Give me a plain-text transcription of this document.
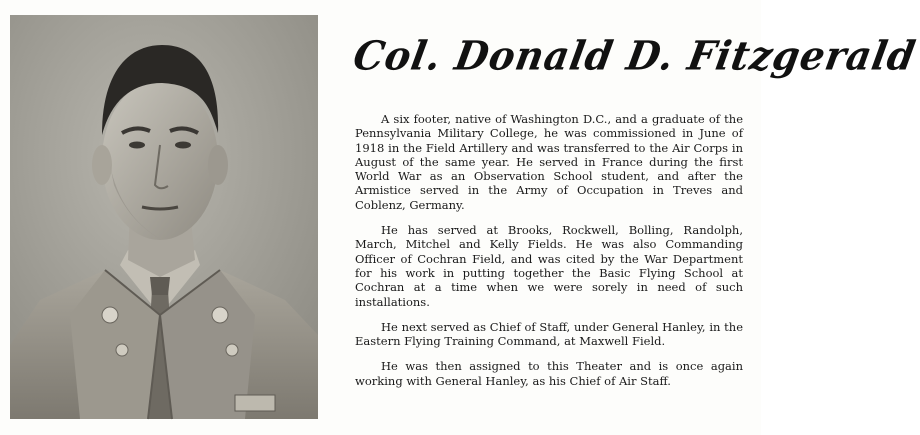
Col. Donald D. Fitzgerald

A six footer, native of Washington D.C., and a graduate of the Pennsylvania Military College, he was commissioned in June of 1918 in the Field Artillery and was transferred to the Air Corps in August of the same year. He served in France during the first World War as an Observation School student, and after the Armistice served in the Army of Occupation in Treves and Coblenz, Germany.

He has served at Brooks, Rockwell, Bolling, Randolph, March, Mitchel and Kelly Fields. He was also Commanding Officer of Cochran Field, and was cited by the War Department for his work in putting together the Basic Flying School at Cochran at a time when we were sorely in need of such installations.

He next served as Chief of Staff, under General Hanley, in the Eastern Flying Training Command, at Maxwell Field.

He was then assigned to this Theater and is once again working with General Hanley, as his Chief of Air Staff.
